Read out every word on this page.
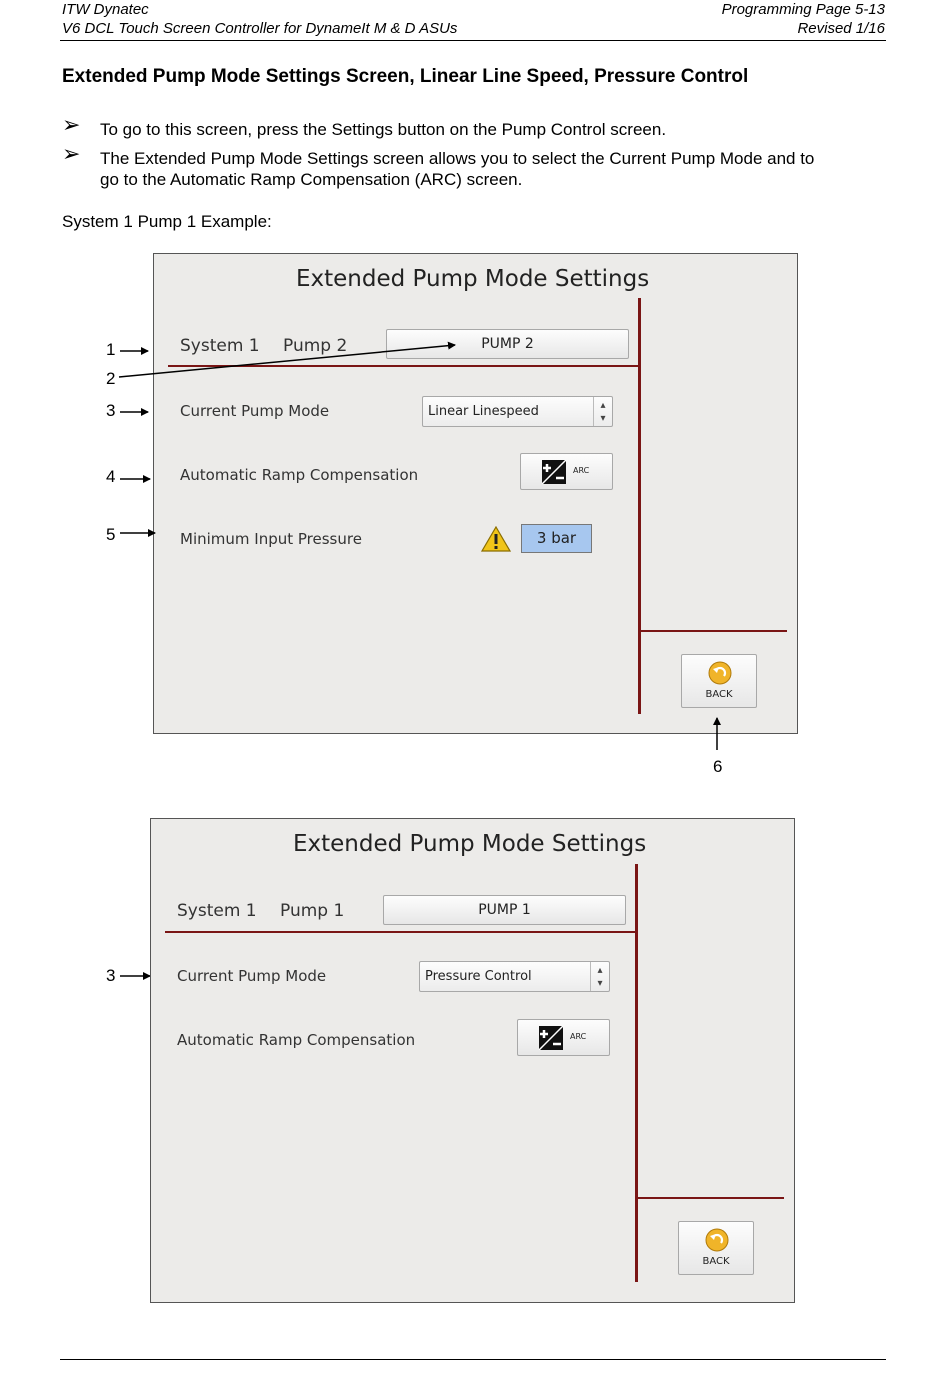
ITW Dynatec
V6 DCL Touch Screen Controller for DynameIt M & D ASUs
Programming Page 5-13
Revised 1/16
Extended Pump Mode Settings Screen, Linear Line Speed, Pressure Control
➢ To go to this screen, press the Settings button on the Pump Control screen.
➢ The Extended Pump Mode Settings screen allows you to select the Current Pump Mode and to
go to the Automatic Ramp Compensation (ARC) screen.
System 1 Pump 1 Example:
Extended Pump Mode Settings
System 1 Pump 2	PUMP 2
Current Pump Mode	Linear Linespeed	▴
▾
Automatic Ramp Compensation	ARC
Minimum Input Pressure	3 bar
BACK
1
2
3
4
5
6
Extended Pump Mode Settings
System 1 Pump 1	PUMP 1
Current Pump Mode	Pressure Control	▴
▾
Automatic Ramp Compensation	ARC
BACK
3
